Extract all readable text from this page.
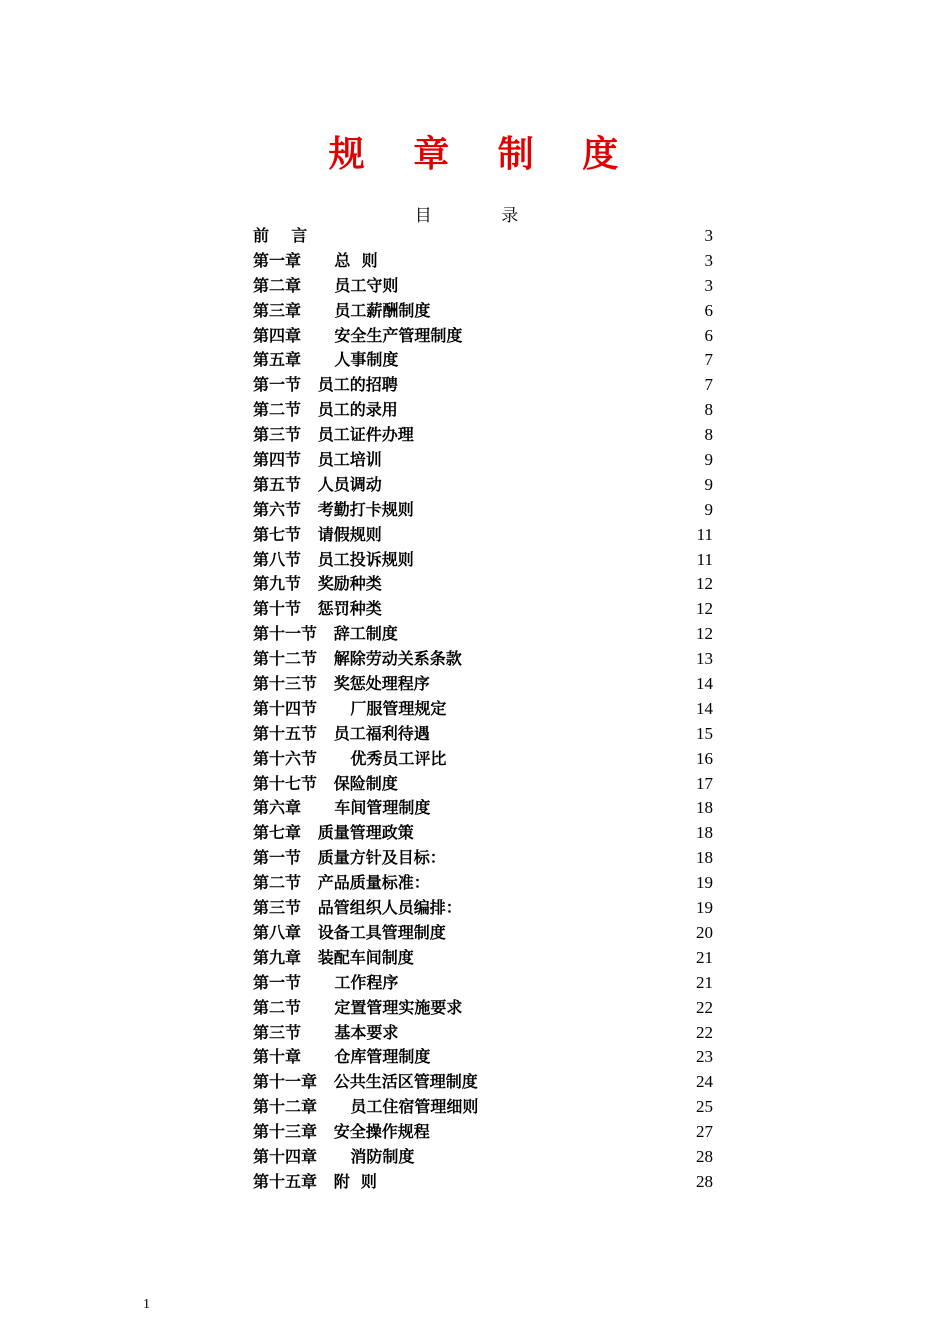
规 章 制 度
目 录
前    言	3
第一章      总  则	3
第二章      员工守则	3
第三章      员工薪酬制度	6
第四章      安全生产管理制度	6
第五章      人事制度	7
第一节   员工的招聘	7
第二节   员工的录用	8
第三节   员工证件办理	8
第四节   员工培训	9
第五节   人员调动	9
第六节   考勤打卡规则	9
第七节   请假规则	11
第八节   员工投诉规则	11
第九节   奖励种类	12
第十节   惩罚种类	12
第十一节   辞工制度	12
第十二节   解除劳动关系条款	13
第十三节   奖惩处理程序	14
第十四节      厂服管理规定	14
第十五节   员工福利待遇	15
第十六节      优秀员工评比	16
第十七节   保险制度	17
第六章      车间管理制度	18
第七章   质量管理政策	18
第一节   质量方针及目标：	18
第二节   产品质量标准：	19
第三节   品管组织人员编排：	19
第八章   设备工具管理制度	20
第九章   装配车间制度	21
第一节      工作程序	21
第二节      定置管理实施要求	22
第三节      基本要求	22
第十章      仓库管理制度	23
第十一章   公共生活区管理制度	24
第十二章      员工住宿管理细则	25
第十三章   安全操作规程	27
第十四章      消防制度	28
第十五章   附  则	28
1
